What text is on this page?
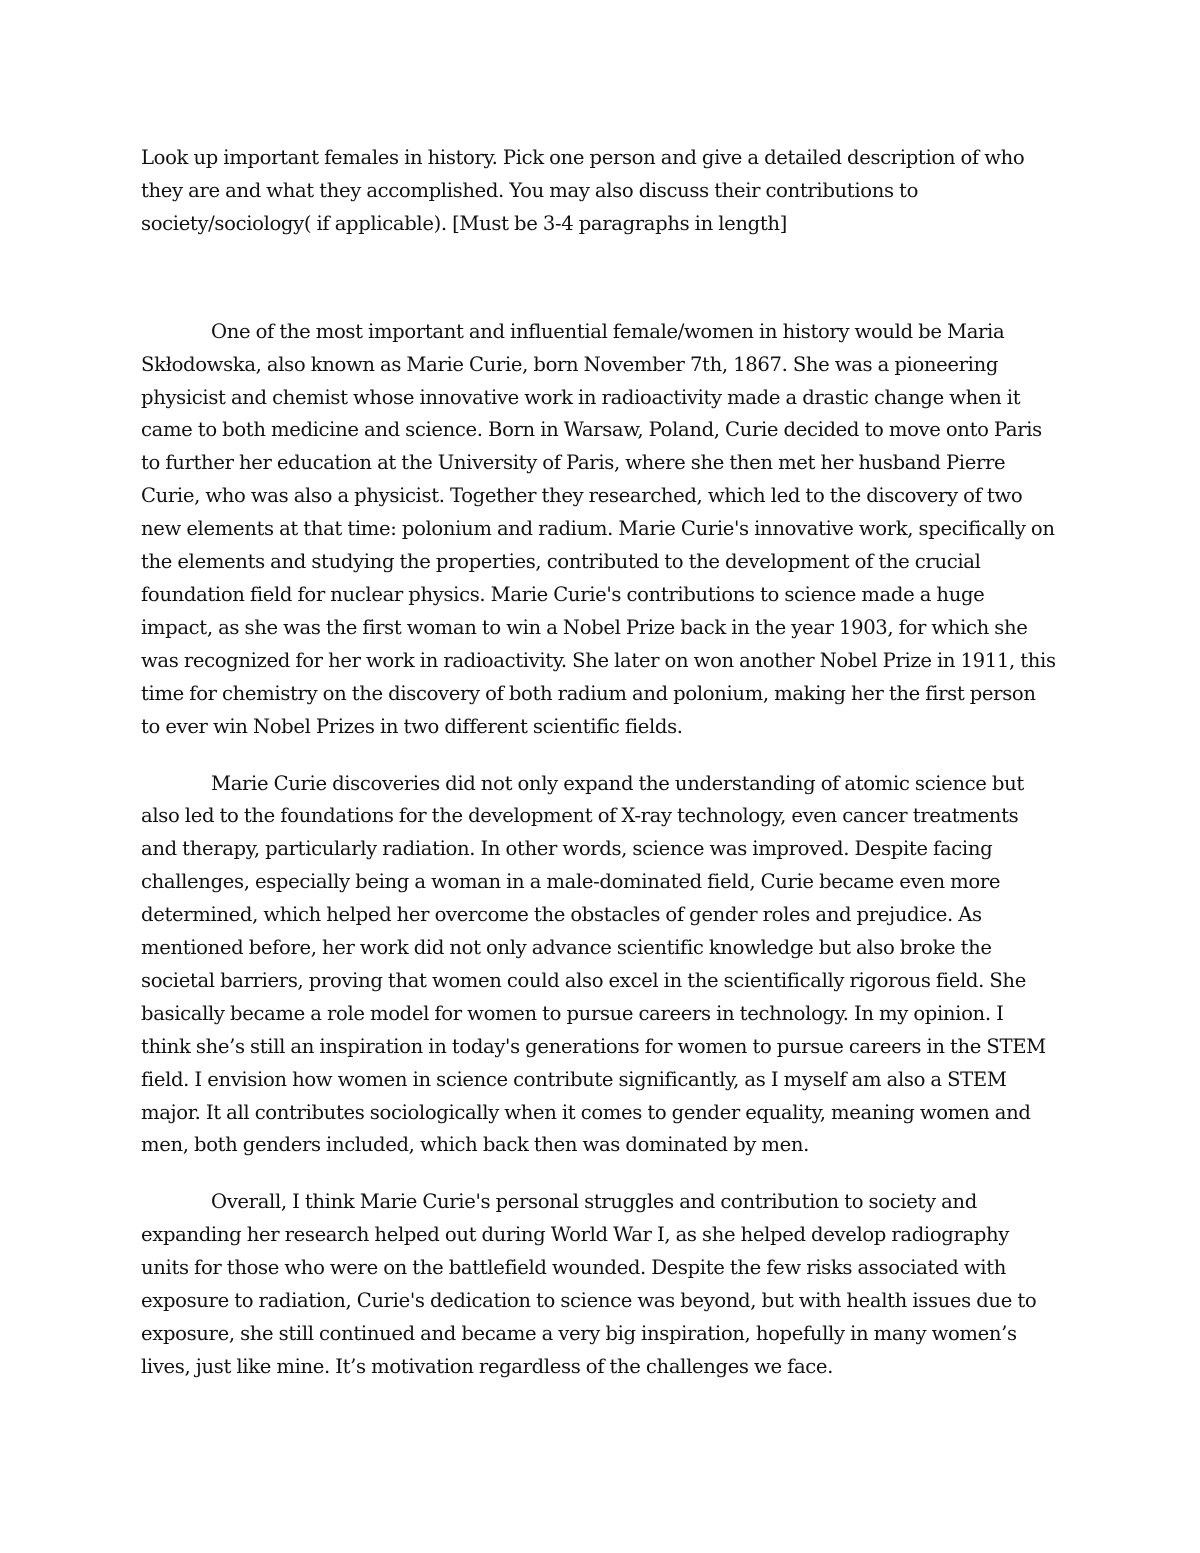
Look up important females in history. Pick one person and give a detailed description of who they are and what they accomplished. You may also discuss their contributions to society/sociology( if applicable). [Must be 3-4 paragraphs in length]

One of the most important and influential female/women in history would be Maria Skłodowska, also known as Marie Curie, born November 7th, 1867. She was a pioneering physicist and chemist whose innovative work in radioactivity made a drastic change when it came to both medicine and science. Born in Warsaw, Poland, Curie decided to move onto Paris to further her education at the University of Paris, where she then met her husband Pierre Curie, who was also a physicist. Together they researched, which led to the discovery of two new elements at that time: polonium and radium. Marie Curie's innovative work, specifically on the elements and studying the properties, contributed to the development of the crucial foundation field for nuclear physics. Marie Curie's contributions to science made a huge impact, as she was the first woman to win a Nobel Prize back in the year 1903, for which she was recognized for her work in radioactivity. She later on won another Nobel Prize in 1911, this time for chemistry on the discovery of both radium and polonium, making her the first person to ever win Nobel Prizes in two different scientific fields.

Marie Curie discoveries did not only expand the understanding of atomic science but also led to the foundations for the development of X-ray technology, even cancer treatments and therapy, particularly radiation. In other words, science was improved. Despite facing challenges, especially being a woman in a male-dominated field, Curie became even more determined, which helped her overcome the obstacles of gender roles and prejudice. As mentioned before, her work did not only advance scientific knowledge but also broke the societal barriers, proving that women could also excel in the scientifically rigorous field. She basically became a role model for women to pursue careers in technology. In my opinion. I think she’s still an inspiration in today's generations for women to pursue careers in the STEM field. I envision how women in science contribute significantly, as I myself am also a STEM major. It all contributes sociologically when it comes to gender equality, meaning women and men, both genders included, which back then was dominated by men.

Overall, I think Marie Curie's personal struggles and contribution to society and expanding her research helped out during World War I, as she helped develop radiography units for those who were on the battlefield wounded. Despite the few risks associated with exposure to radiation, Curie's dedication to science was beyond, but with health issues due to exposure, she still continued and became a very big inspiration, hopefully in many women’s lives, just like mine. It’s motivation regardless of the challenges we face.
